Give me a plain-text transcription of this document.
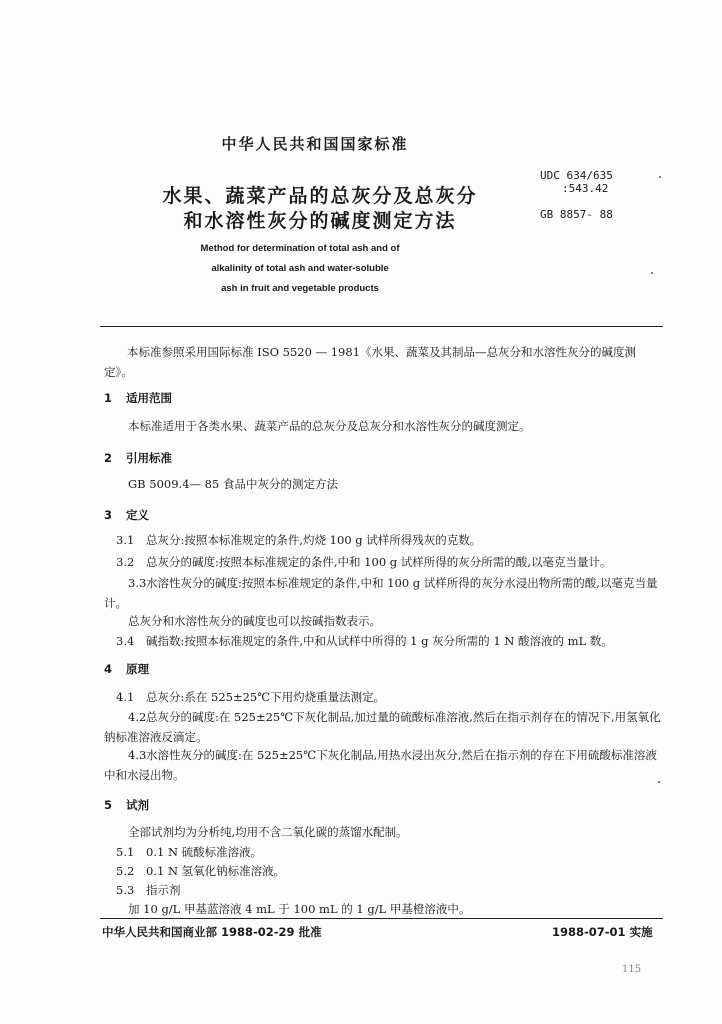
中华人民共和国国家标准
水果、蔬菜产品的总灰分及总灰分
和水溶性灰分的碱度测定方法
UDC 634/635
:543.42
GB 8857- 88
Method for determination of total ash and of
alkalinity of total ash and water-soluble
ash in fruit and vegetable products
本标准参照采用国际标准 ISO 5520 — 1981《水果、蔬菜及其制品—总灰分和水溶性灰分的碱度测定》。
1 适用范围
本标准适用于各类水果、蔬菜产品的总灰分及总灰分和水溶性灰分的碱度测定。
2 引用标准
GB 5009.4— 85 食品中灰分的测定方法
3 定义
3.1 总灰分:按照本标准规定的条件,灼烧 100 g 试样所得残灰的克数。
3.2 总灰分的碱度:按照本标准规定的条件,中和 100 g 试样所得的灰分所需的酸,以毫克当量计。
3.3水溶性灰分的碱度:按照本标准规定的条件,中和 100 g 试样所得的灰分水浸出物所需的酸,以毫克当量计。
总灰分和水溶性灰分的碱度也可以按碱指数表示。
3.4 碱指数:按照本标准规定的条件,中和从试样中所得的 1 g 灰分所需的 1 N 酸溶液的 mL 数。
4 原理
4.1 总灰分:系在 525±25℃下用灼烧重量法测定。
4.2总灰分的碱度:在 525±25℃下灰化制品,加过量的硫酸标准溶液,然后在指示剂存在的情况下,用氢氧化钠标准溶液反滴定。
4.3水溶性灰分的碱度:在 525±25℃下灰化制品,用热水浸出灰分,然后在指示剂的存在下用硫酸标准溶液中和水浸出物。
5 试剂
全部试剂均为分析纯,均用不含二氧化碳的蒸馏水配制。
5.1 0.1 N 硫酸标准溶液。
5.2 0.1 N 氢氧化钠标准溶液。
5.3 指示剂
加 10 g/L 甲基蓝溶液 4 mL 于 100 mL 的 1 g/L 甲基橙溶液中。
中华人民共和国商业部 1988-02-29 批准	1988-07-01 实施
115
